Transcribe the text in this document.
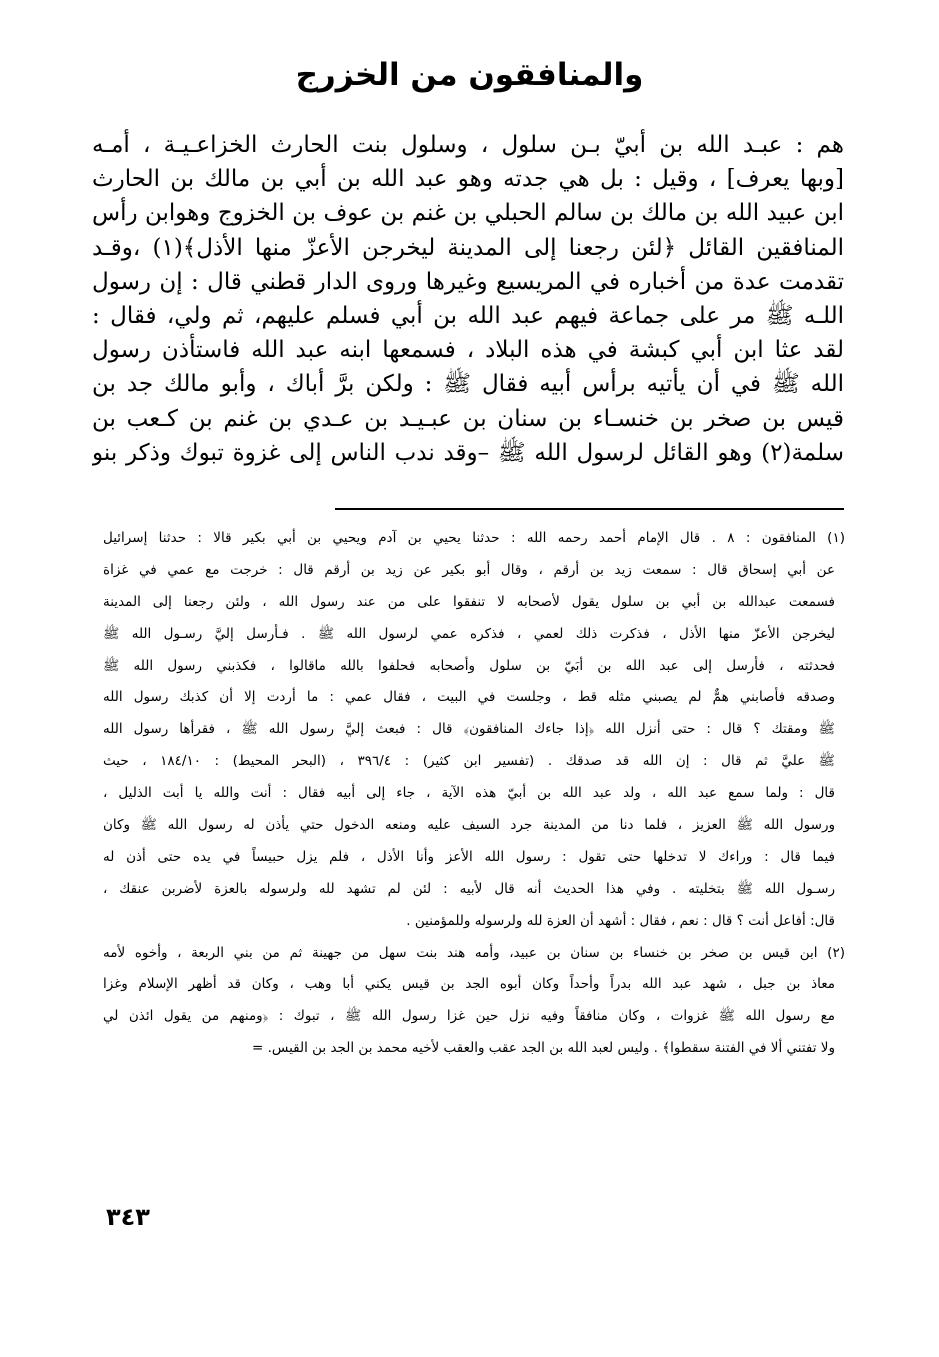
والمنافقون من الخزرج
هم : عبـد الله بن أبيّ بـن سلول ، وسلول بنت الحارث الخزاعـيـة ، أمـه
[وبها يعرف] ، وقيل : بل هي جدته وهو عبد الله بن أبي بن مالك بن الحارث
ابن عبيد الله بن مالك بن سالم الحبلي بن غنم بن عوف بن الخزوج وهوابن رأس
المنافقين القائل ﴿لئن رجعنا إلى المدينة ليخرجن الأعزّ منها الأذل﴾(١) ،وقـد
تقدمت عدة من أخباره في المريسيع وغيرها وروى الدار قطني قال : إن رسول
اللـه ﷺ مر على جماعة فيهم عبد الله بن أبي فسلم عليهم، ثم ولي، فقال :
لقد عثا ابن أبي كبشة في هذه البلاد ، فسمعها ابنه عبد الله فاستأذن رسول
الله ﷺ في أن يأتيه برأس أبيه فقال ﷺ : ولكن برَّ أباك ، وأبو مالك جد بن
قيس بن صخر بن خنسـاء بن سنان بن عبـيـد بن عـدي بن غنم بن كـعب بن
سلمة(٢) وهو القائل لرسول الله ﷺ –وقد ندب الناس إلى غزوة تبوك وذكر بنو
(١) المنافقون : ٨ . قال الإمام أحمد رحمه الله : حدثنا يحيي بن آدم ويحيي بن أبي بكير قالا : حدثنا إسرائيل
عن أبي إسحاق قال : سمعت زيد بن أرقم ، وقال أبو بكير عن زيد بن أرقم قال : خرجت مع عمي في غزاة
فسمعت عبدالله بن أبي بن سلول يقول لأصحابه لا تنفقوا على من عند رسول الله ، ولئن رجعنا إلى المدينة
ليخرجن الأعزّ منها الأذل ، فذكرت ذلك لعمي ، فذكره عمي لرسول الله ﷺ . فـأرسل إليَّ رسـول الله ﷺ
فحدثته ، فأرسل إلى عبد الله بن أبَيّ بن سلول وأصحابه فحلفوا بالله ماقالوا ، فكذبني رسول الله ﷺ
وصدقه فأصابني همٌّ لم يصبني مثله قط ، وجلست في البيت ، فقال عمي : ما أردت إلا أن كذبك رسول الله
ﷺ ومقتك ؟ قال : حتى أنزل الله ﴿إذا جاءك المنافقون﴾ قال : فبعث إليَّ رسول الله ﷺ ، فقرأها رسول الله
ﷺ عليَّ ثم قال : إن الله قد صدقك . (تفسير ابن كثير) : ٣٩٦/٤ ، (البحر المحيط) : ١٨٤/١٠ ، حيث
قال : ولما سمع عبد الله ، ولد عبد الله بن أبيّ هذه الآية ، جاء إلى أبيه فقال : أنت والله يا أبت الذليل ،
ورسول الله ﷺ العزيز ، فلما دنا من المدينة جرد السيف عليه ومنعه الدخول حتي يأذن له رسول الله ﷺ وكان
فيما قال : وراءك لا تدخلها حتى تقول : رسول الله الأعز وأنا الأذل ، فلم يزل حبيساً في يده حتى أذن له
رسـول الله ﷺ بتخليته . وفي هذا الحديث أنه قال لأبيه : لئن لم تشهد لله ولرسوله بالعزة لأضربن عنقك ،
قال: أفاعل أنت ؟ قال : نعم ، فقال : أشهد أن العزة لله ولرسوله وللمؤمنين .
(٢) ابن قيس بن صخر بن خنساء بن سنان بن عبيد، وأمه هند بنت سهل من جهينة ثم من بني الربعة ، وأخوه لأمه
معاذ بن جبل ، شهد عبد الله بدراً وأحداً وكان أبوه الجد بن قيس يكني أبا وهب ، وكان قد أظهر الإسلام وغزا
مع رسول الله ﷺ غزوات ، وكان منافقاً وفيه نزل حين غزا رسول الله ﷺ ، تبوك : ﴿ومنهم من يقول ائذن لي
ولا تفتني ألا في الفتنة سقطوا﴾ . وليس لعبد الله بن الجد عقب والعقب لأخيه محمد بن الجد بن القيس. =
٣٤٣
